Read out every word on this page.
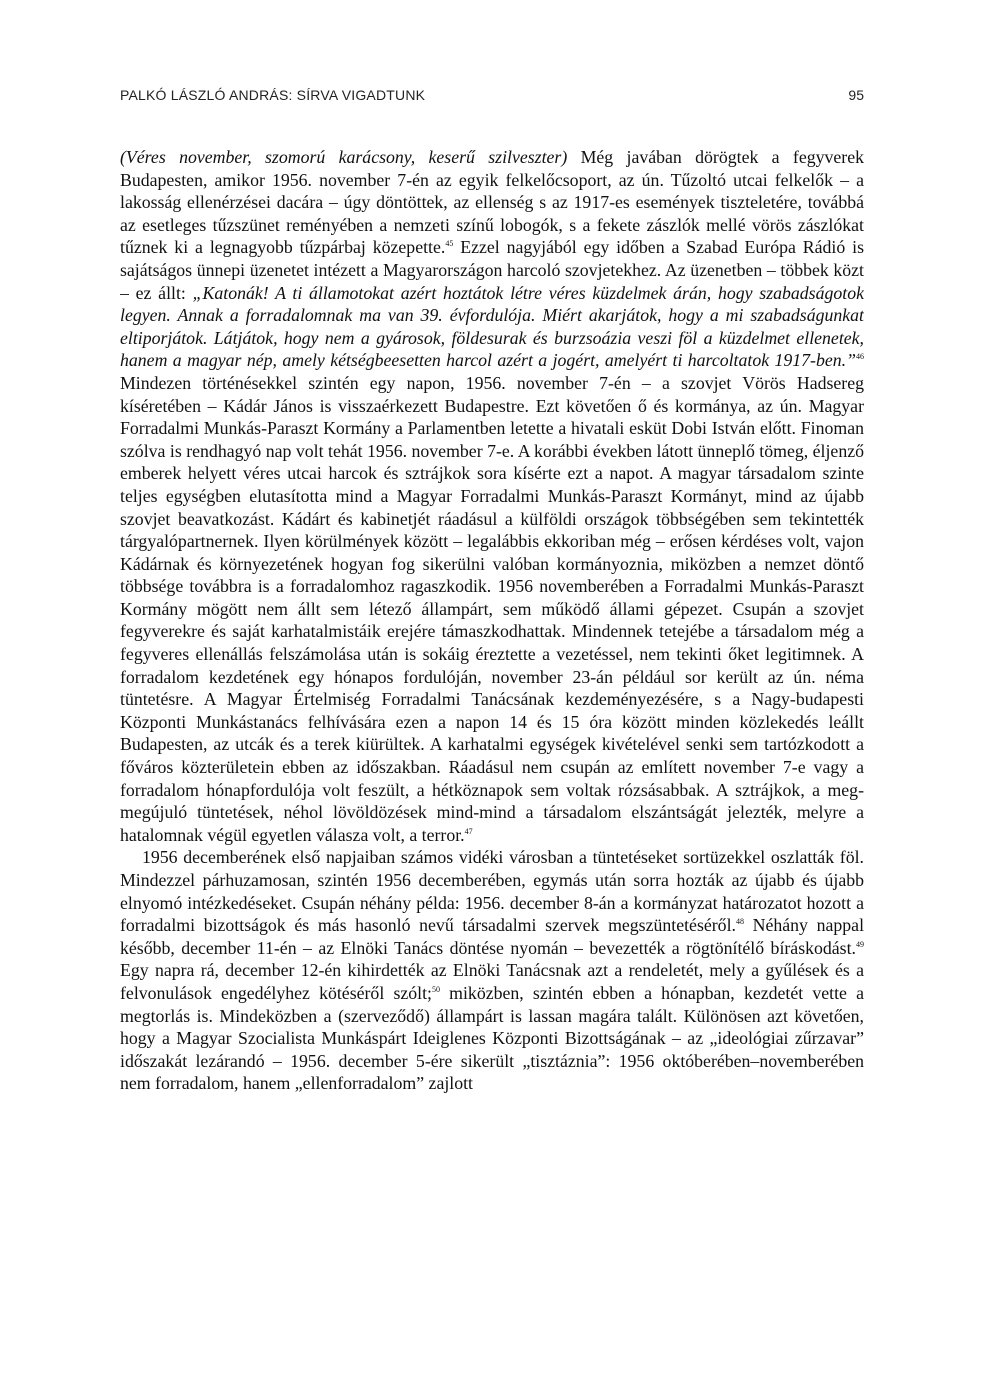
PALKÓ LÁSZLÓ ANDRÁS: SÍRVA VIGADTUNK	95

(Véres november, szomorú karácsony, keserű szilveszter) Még javában dörögtek a fegyverek Budapesten, amikor 1956. november 7-én az egyik felkelőcsoport, az ún. Tűzoltó utcai felkelők – a lakosság ellenérzései dacára – úgy döntöttek, az ellenség s az 1917-es események tiszteletére, továbbá az esetleges tűzszünet reményében a nemzeti színű lobogók, s a fekete zászlók mellé vörös zászlókat tűznek ki a legnagyobb tűzpárbaj közepette.$^{45}$ Ezzel nagyjából egy időben a Szabad Európa Rádió is sajátságos ünnepi üzenetet intézett a Magyarországon harcoló szovjetekhez. Az üzenetben – többek közt – ez állt: „Katonák! A ti államotokat azért hoztátok létre véres küzdelmek árán, hogy szabadságotok legyen. Annak a forradalomnak ma van 39. évfordulója. Miért akarjátok, hogy a mi szabadságunkat eltiporjátok. Látjátok, hogy nem a gyárosok, földesurak és burzsoázia veszi föl a küzdelmet ellenetek, hanem a magyar nép, amely kétségbeesetten harcol azért a jogért, amelyért ti harcoltatok 1917-ben.”$^{46}$ Mindezen történésekkel szintén egy napon, 1956. november 7-én – a szovjet Vörös Hadsereg kíséretében – Kádár János is visszaérkezett Budapestre. Ezt követően ő és kormánya, az ún. Magyar Forradalmi Munkás-Paraszt Kormány a Parlamentben letette a hivatali esküt Dobi István előtt. Finoman szólva is rendhagyó nap volt tehát 1956. november 7-e. A korábbi években látott ünneplő tömeg, éljenző emberek helyett véres utcai harcok és sztrájkok sora kísérte ezt a napot. A magyar társadalom szinte teljes egységben elutasította mind a Magyar Forradalmi Munkás-Paraszt Kormányt, mind az újabb szovjet beavatkozást. Kádárt és kabinetjét ráadásul a külföldi országok többségében sem tekintették tárgyalópartnernek. Ilyen körülmények között – legalábbis ekkoriban még – erősen kérdéses volt, vajon Kádárnak és környezetének hogyan fog sikerülni valóban kormányoznia, miközben a nemzet döntő többsége továbbra is a forradalomhoz ragaszkodik. 1956 novemberében a Forradalmi Munkás-Paraszt Kormány mögött nem állt sem létező állampárt, sem működő állami gépezet. Csupán a szovjet fegyverekre és saját karhatalmistáik erejére támaszkodhattak. Mindennek tetejébe a társadalom még a fegyveres ellenállás felszámolása után is sokáig éreztette a vezetéssel, nem tekinti őket legitimnek. A forradalom kezdetének egy hónapos fordulóján, november 23-án például sor került az ún. néma tüntetésre. A Magyar Értelmiség Forradalmi Tanácsának kezdeményezésére, s a Nagy-budapesti Központi Munkástanács felhívására ezen a napon 14 és 15 óra között minden közlekedés leállt Budapesten, az utcák és a terek kiürültek. A karhatalmi egységek kivételével senki sem tartózkodott a főváros közterületein ebben az időszakban. Ráadásul nem csupán az említett november 7-e vagy a forradalom hónapfordulója volt feszült, a hétköznapok sem voltak rózsásabbak. A sztrájkok, a meg-megújuló tüntetések, néhol lövöldözések mind-mind a társadalom elszántságát jelezték, melyre a hatalomnak végül egyetlen válasza volt, a terror.$^{47}$

1956 decemberének első napjaiban számos vidéki városban a tüntetéseket sortüzekkel oszlatták föl. Mindezzel párhuzamosan, szintén 1956 decemberében, egymás után sorra hozták az újabb és újabb elnyomó intézkedéseket. Csupán néhány példa: 1956. december 8-án a kormányzat határozatot hozott a forradalmi bizottságok és más hasonló nevű társadalmi szervek megszüntetéséről.$^{48}$ Néhány nappal később, december 11-én – az Elnöki Tanács döntése nyomán – bevezették a rögtönítélő bíráskodást.$^{49}$ Egy napra rá, december 12-én kihirdették az Elnöki Tanácsnak azt a rendeletét, mely a gyűlések és a felvonulások engedélyhez kötéséről szólt;$^{50}$ miközben, szintén ebben a hónapban, kezdetét vette a megtorlás is. Mindeközben a (szerveződő) állampárt is lassan magára talált. Különösen azt követően, hogy a Magyar Szocialista Munkáspárt Ideiglenes Központi Bizottságának – az „ideológiai zűrzavar” időszakát lezárandó – 1956. december 5-ére sikerült „tisztáznia”: 1956 októberében–novemberében nem forradalom, hanem „ellenforradalom” zajlott
